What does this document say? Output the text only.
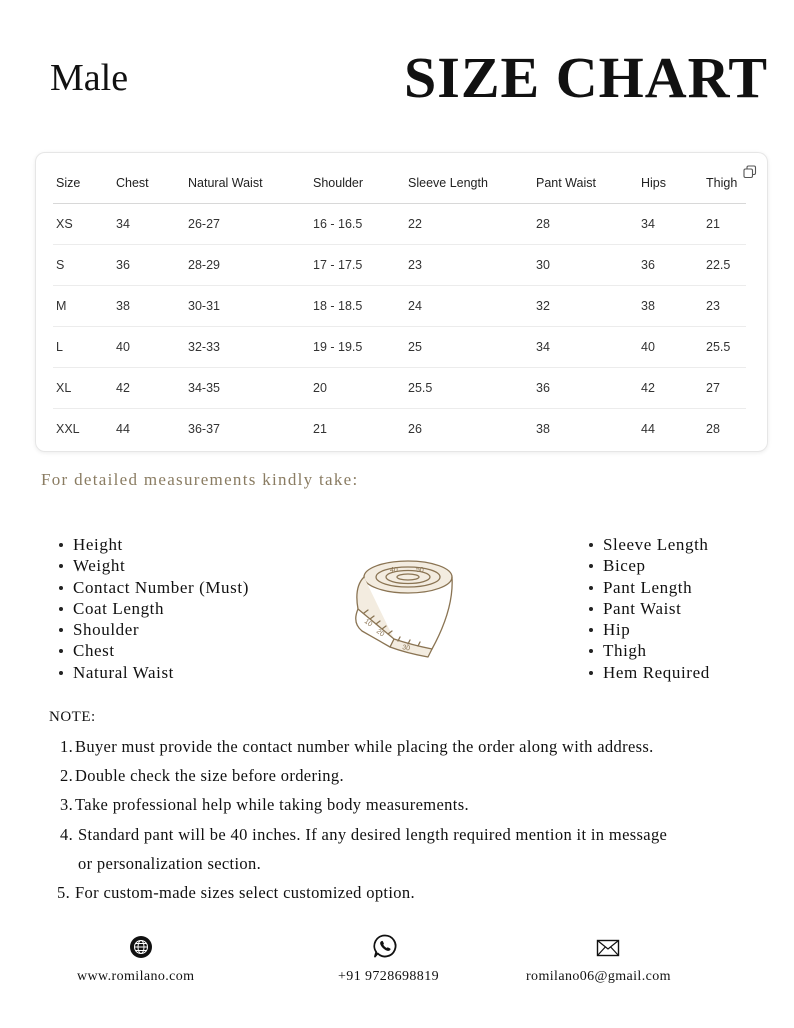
Male	SIZE CHART
Size	Chest	Natural Waist	Shoulder	Sleeve Length	Pant Waist	Hips	Thigh
XS	34	26-27	16 - 16.5	22	28	34	21
S	36	28-29	17 - 17.5	23	30	36	22.5
M	38	30-31	18 - 18.5	24	32	38	23
L	40	32-33	19 - 19.5	25	34	40	25.5
XL	42	34-35	20	25.5	36	42	27
XXL	44	36-37	21	26	38	44	28
For detailed measurements kindly take:
Height
Weight
Contact Number (Must)
Coat Length
Shoulder
Chest
Natural Waist
10
20
30
40	50
Sleeve Length
Bicep
Pant Length
Pant Waist
Hip
Thigh
Hem Required
NOTE:
1. Buyer must provide the contact number while placing the order along with address.
2. Double check the size before ordering.
3. Take professional help while taking body measurements.
4. Standard pant will be 40 inches. If any desired length required mention it in message
or personalization section.
5. For custom-made sizes select customized option.
www.romilano.com	+91 9728698819	romilano06@gmail.com
